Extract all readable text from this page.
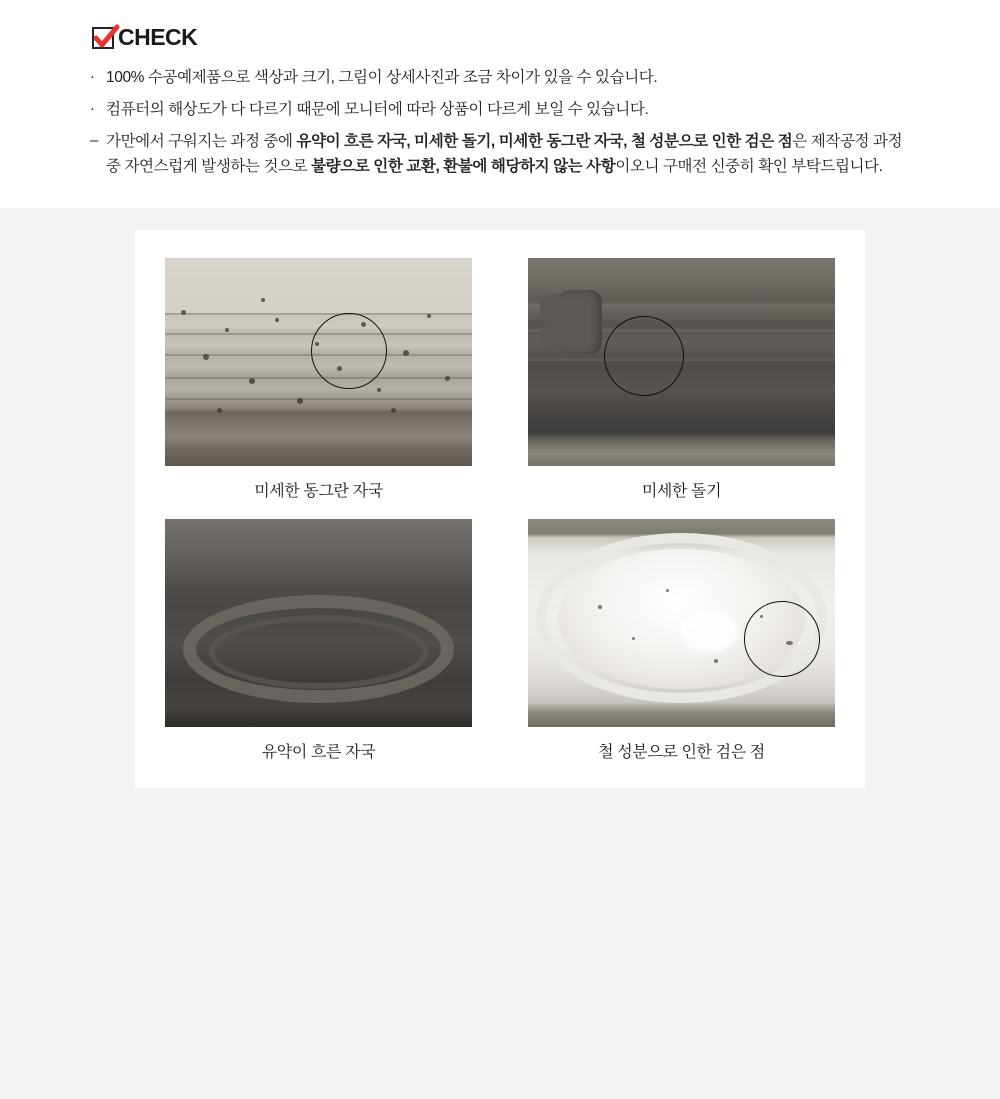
CHECK
· 100% 수공예제품으로 색상과 크기, 그림이 상세사진과 조금 차이가 있을 수 있습니다.
· 컴퓨터의 해상도가 다 다르기 때문에 모니터에 따라 상품이 다르게 보일 수 있습니다.
– 가만에서 구워지는 과정 중에 유약이 흐른 자국, 미세한 돌기, 미세한 동그란 자국, 철 성분으로 인한 검은 점은 제작공정 과정 중 자연스럽게 발생하는 것으로 불량으로 인한 교환, 환불에 해당하지 않는 사항이오니 구매전 신중히 확인 부탁드립니다.
미세한 동그란 자국	미세한 돌기
유약이 흐른 자국	철 성분으로 인한 검은 점
